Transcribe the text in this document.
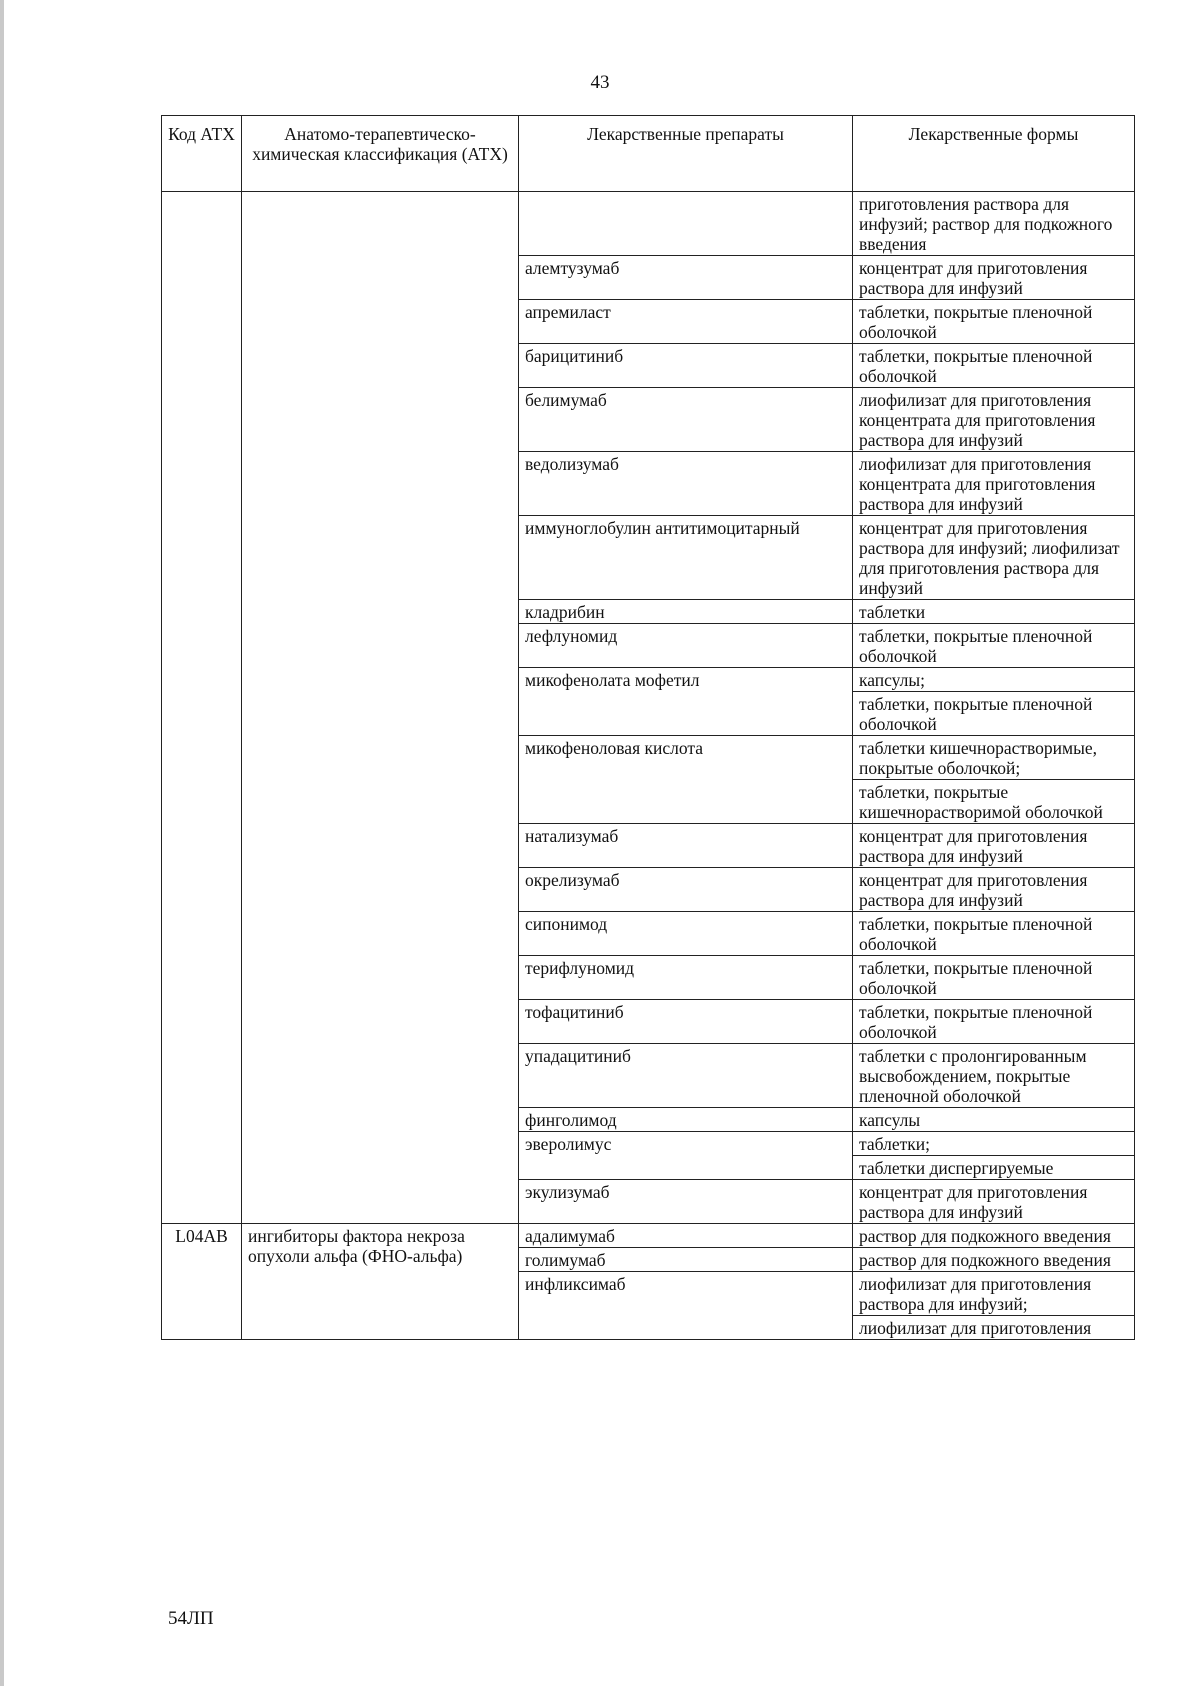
43
Код АТХ	Анатомо-терапевтическо-химическая классификация (АТХ)	Лекарственные препараты	Лекарственные формы
			приготовления раствора для инфузий; раствор для подкожного введения
		алемтузумаб	концентрат для приготовления раствора для инфузий
		апремиласт	таблетки, покрытые пленочной оболочкой
		барицитиниб	таблетки, покрытые пленочной оболочкой
		белимумаб	лиофилизат для приготовления концентрата для приготовления раствора для инфузий
		ведолизумаб	лиофилизат для приготовления концентрата для приготовления раствора для инфузий
		иммуноглобулин антитимоцитарный	концентрат для приготовления раствора для инфузий; лиофилизат для приготовления раствора для инфузий
		кладрибин	таблетки
		лефлуномид	таблетки, покрытые пленочной оболочкой
		микофенолата мофетил	капсулы;
			таблетки, покрытые пленочной оболочкой
		микофеноловая кислота	таблетки кишечнорастворимые, покрытые оболочкой;
			таблетки, покрытые кишечнорастворимой оболочкой
		натализумаб	концентрат для приготовления раствора для инфузий
		окрелизумаб	концентрат для приготовления раствора для инфузий
		сипонимод	таблетки, покрытые пленочной оболочкой
		терифлуномид	таблетки, покрытые пленочной оболочкой
		тофацитиниб	таблетки, покрытые пленочной оболочкой
		упадацитиниб	таблетки с пролонгированным высвобождением, покрытые пленочной оболочкой
		финголимод	капсулы
		эверолимус	таблетки;
			таблетки диспергируемые
		экулизумаб	концентрат для приготовления раствора для инфузий
L04AB	ингибиторы фактора некроза опухоли альфа (ФНО-альфа)	адалимумаб	раствор для подкожного введения
		голимумаб	раствор для подкожного введения
		инфликсимаб	лиофилизат для приготовления раствора для инфузий;
			лиофилизат для приготовления
54ЛП
